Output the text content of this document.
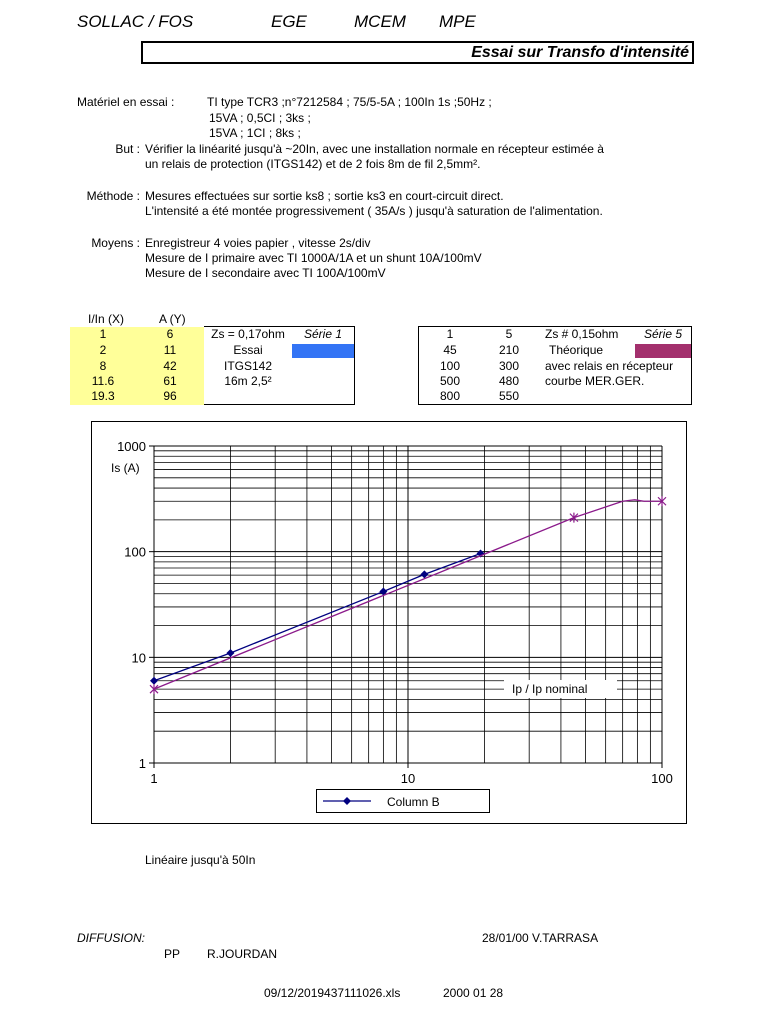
SOLLAC / FOS	EGE	MCEM MPE
Essai sur Transfo d'intensité
Matériel en essai :	TI type TCR3 ;n°7212584 ; 75/5-5A ; 100In 1s ;50Hz ;
15VA ; 0,5CI ; 3ks ;
15VA ; 1CI ; 8ks ;
But : Vérifier la linéarité jusqu'à ~20In, avec une installation normale en récepteur estimée à
un relais de protection (ITGS142) et de 2 fois 8m de fil 2,5mm².
Méthode : Mesures effectuées sur sortie ks8 ; sortie ks3 en court-circuit direct.
L'intensité a été montée progressivement ( 35A/s ) jusqu'à saturation de l'alimentation.
Moyens : Enregistreur 4 voies papier , vitesse 2s/div
Mesure de I primaire avec TI 1000A/1A et un shunt 10A/100mV
Mesure de I secondaire avec TI 100A/100mV
I/In (X)	A (Y)
1	6	Zs = 0,17ohm	Série 1
2	11	Essai	

8	42	ITGS142	
11.6	61	16m 2,5²	
19.3	96		
1	5	Zs # 0,15ohm	Série 5
45	210	Théorique	

100	300	avec relais en récepteur	
500	480	courbe MER.GER.	
800	550		
1	10	100
1
10
100
1000
Is (A)
Ip / Ip nominal
Column B
Linéaire jusqu'à 50In
DIFFUSION:	28/01/00 V.TARRASA
PP R.JOURDAN
09/12/2019437111026.xls	2000 01 28
